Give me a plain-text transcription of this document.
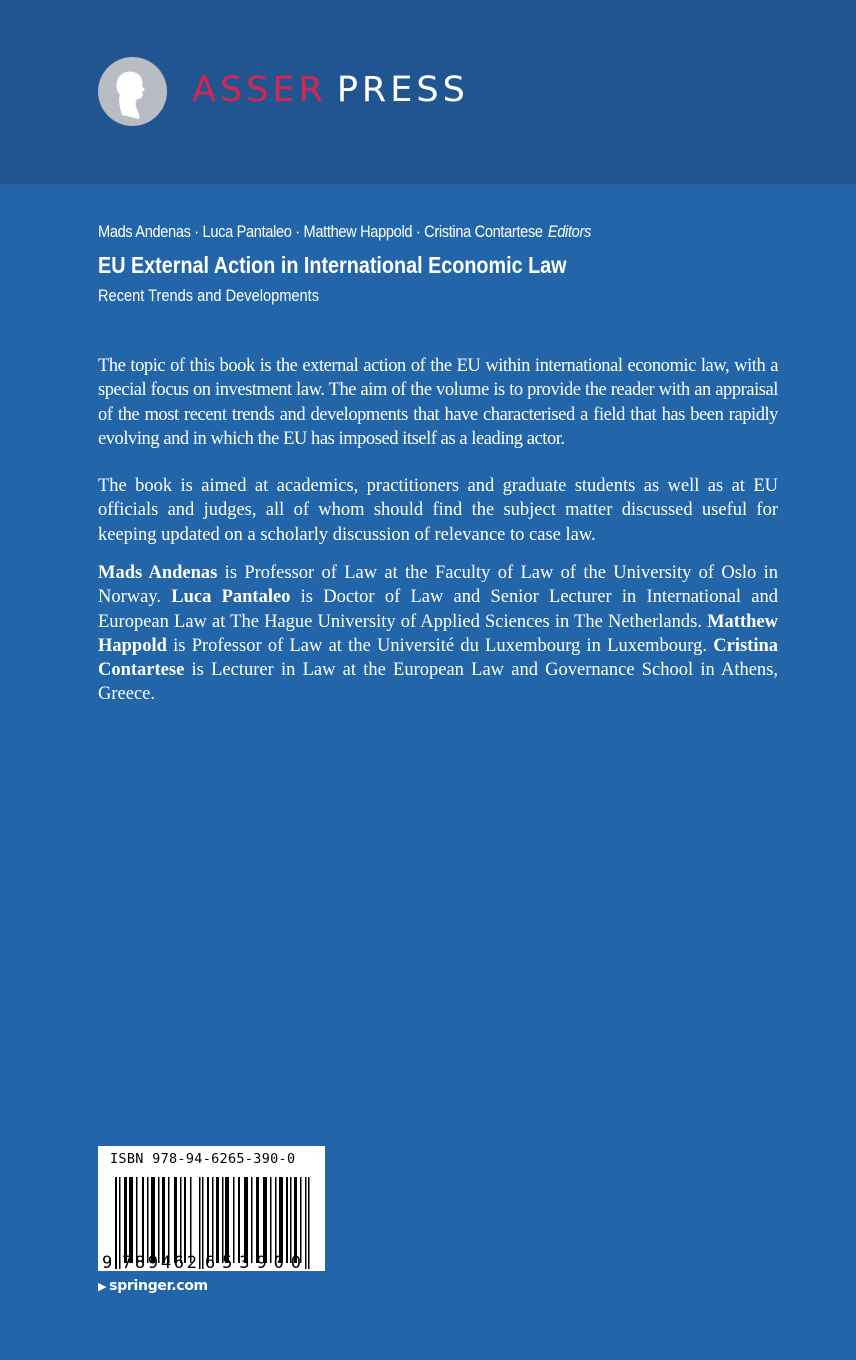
ASSER PRESS
Mads Andenas · Luca Pantaleo · Matthew Happold · Cristina Contartese Editors
EU External Action in International Economic Law
Recent Trends and Developments
The topic of this book is the external action of the EU within international economic law, with a special focus on investment law. The aim of the volume is to provide the reader with an appraisal of the most recent trends and developments that have characterised a field that has been rapidly evolving and in which the EU has imposed itself as a leading actor.
The book is aimed at academics, practitioners and graduate students as well as at EU officials and judges, all of whom should find the subject matter discussed useful for keeping updated on a scholarly discussion of relevance to case law.
Mads Andenas is Professor of Law at the Faculty of Law of the University of Oslo in Norway. Luca Pantaleo is Doctor of Law and Senior Lecturer in International and European Law at The Hague University of Applied Sciences in The Netherlands. Matthew Happold is Professor of Law at the Université du Luxembourg in Luxembourg. Cristina Contartese is Lecturer in Law at the European Law and Governance School in Athens, Greece.
ISBN 978-94-6265-390-0
9 789462 653900
▶ springer.com
